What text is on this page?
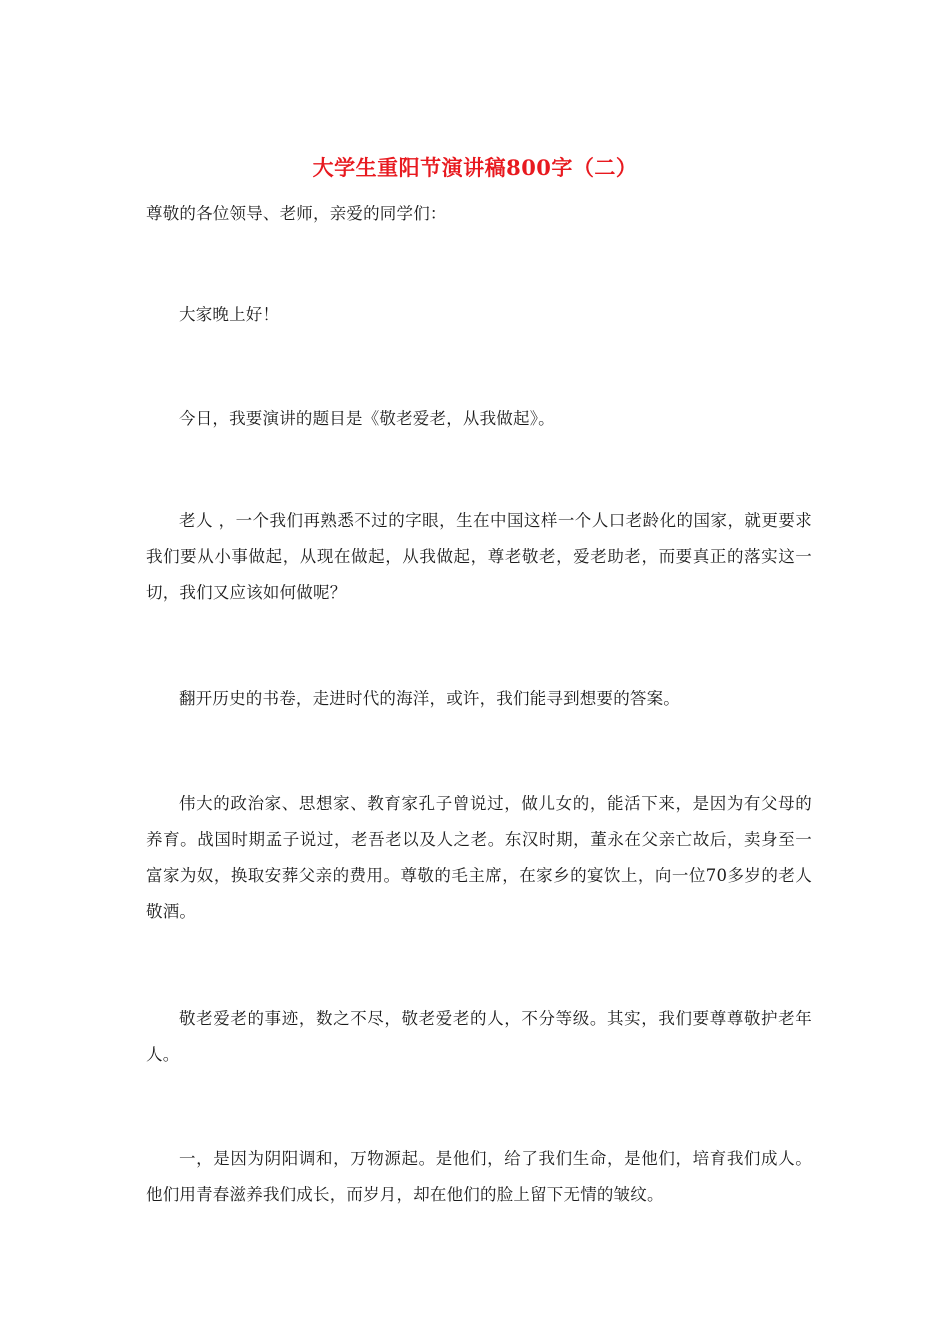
大学生重阳节演讲稿800字（二）

尊敬的各位领导、老师，亲爱的同学们：

大家晚上好！

今日，我要演讲的题目是《敬老爱老，从我做起》。

老人 ，一个我们再熟悉不过的字眼，生在中国这样一个人口老龄化的国家，就更要求我们要从小事做起，从现在做起，从我做起，尊老敬老，爱老助老，而要真正的落实这一切，我们又应该如何做呢？

翻开历史的书卷，走进时代的海洋，或许，我们能寻到想要的答案。

伟大的政治家、思想家、教育家孔子曾说过，做儿女的，能活下来，是因为有父母的养育。战国时期孟子说过，老吾老以及人之老。东汉时期，董永在父亲亡故后，卖身至一富家为奴，换取安葬父亲的费用。尊敬的毛主席，在家乡的宴饮上，向一位70多岁的老人敬酒。

敬老爱老的事迹，数之不尽，敬老爱老的人，不分等级。其实，我们要尊尊敬护老年人。

一，是因为阴阳调和，万物源起。是他们，给了我们生命，是他们，培育我们成人。他们用青春滋养我们成长，而岁月，却在他们的脸上留下无情的皱纹。
